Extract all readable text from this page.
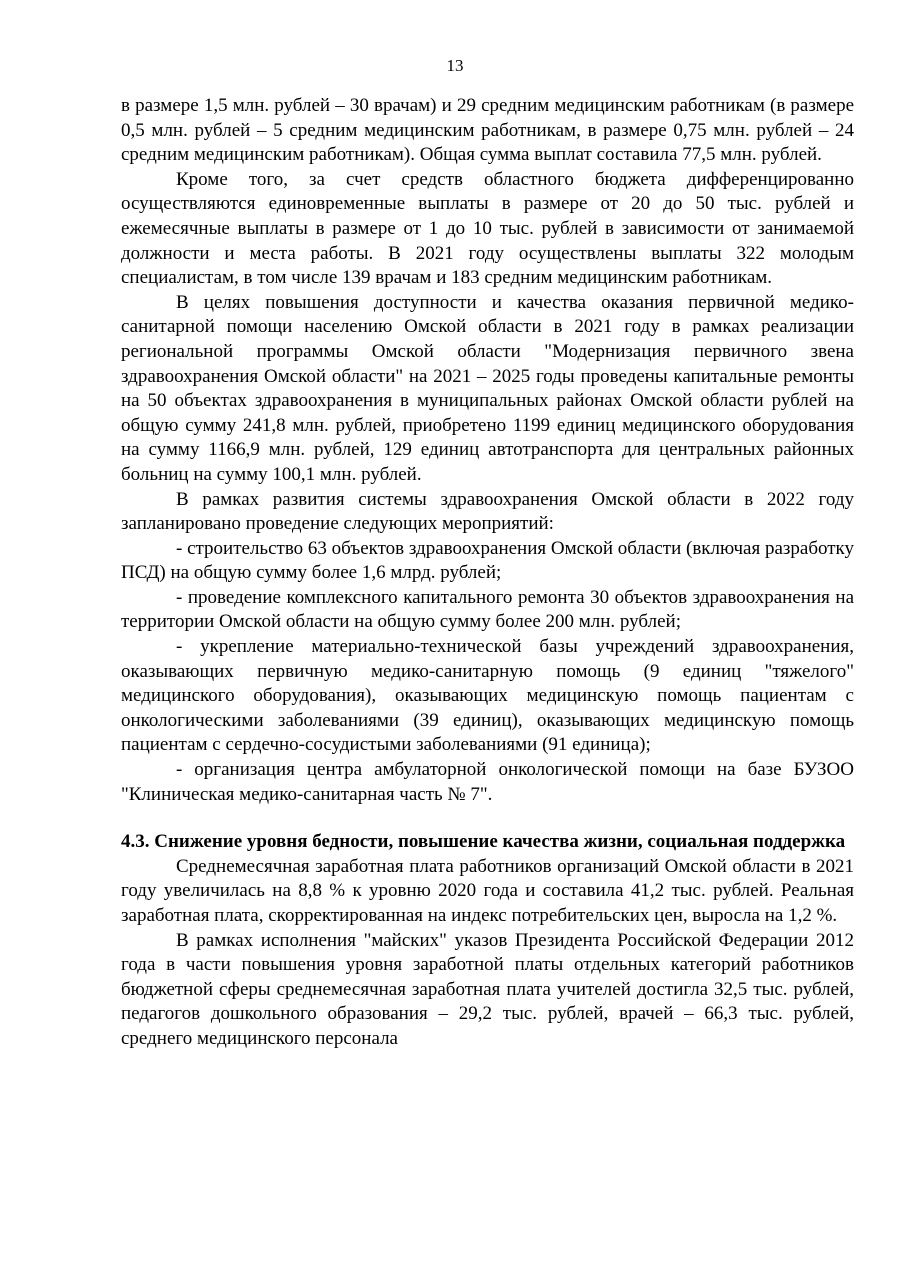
13

в размере 1,5 млн. рублей – 30 врачам) и 29 средним медицинским работникам (в размере 0,5 млн. рублей – 5 средним медицинским работникам, в размере 0,75 млн. рублей – 24 средним медицинским работникам). Общая сумма выплат составила 77,5 млн. рублей.

Кроме того, за счет средств областного бюджета дифференцированно осуществляются единовременные выплаты в размере от 20 до 50 тыс. рублей и ежемесячные выплаты в размере от 1 до 10 тыс. рублей в зависимости от занимаемой должности и места работы. В 2021 году осуществлены выплаты 322 молодым специалистам, в том числе 139 врачам и 183 средним медицинским работникам.

В целях повышения доступности и качества оказания первичной медико-санитарной помощи населению Омской области в 2021 году в рамках реализации региональной программы Омской области "Модернизация первичного звена здравоохранения Омской области" на 2021 – 2025 годы проведены капитальные ремонты на 50 объектах здравоохранения в муниципальных районах Омской области рублей на общую сумму 241,8 млн. рублей, приобретено 1199 единиц медицинского оборудования на сумму 1166,9 млн. рублей, 129 единиц автотранспорта для центральных районных больниц на сумму 100,1 млн. рублей.

В рамках развития системы здравоохранения Омской области в 2022 году запланировано проведение следующих мероприятий:

- строительство 63 объектов здравоохранения Омской области (включая разработку ПСД) на общую сумму более 1,6 млрд. рублей;

- проведение комплексного капитального ремонта 30 объектов здравоохранения на территории Омской области на общую сумму более 200 млн. рублей;

- укрепление материально-технической базы учреждений здравоохранения, оказывающих первичную медико-санитарную помощь (9 единиц "тяжелого" медицинского оборудования), оказывающих медицинскую помощь пациентам с онкологическими заболеваниями (39 единиц), оказывающих медицинскую помощь пациентам с сердечно-сосудистыми заболеваниями (91 единица);

- организация центра амбулаторной онкологической помощи на базе БУЗОО "Клиническая медико-санитарная часть № 7".

4.3. Снижение уровня бедности, повышение качества жизни, социальная поддержка

Среднемесячная заработная плата работников организаций Омской области в 2021 году увеличилась на 8,8 % к уровню 2020 года и составила 41,2 тыс. рублей. Реальная заработная плата, скорректированная на индекс потребительских цен, выросла на 1,2 %.

В рамках исполнения "майских" указов Президента Российской Федерации 2012 года в части повышения уровня заработной платы отдельных категорий работников бюджетной сферы среднемесячная заработная плата учителей достигла 32,5 тыс. рублей, педагогов дошкольного образования – 29,2 тыс. рублей, врачей – 66,3 тыс. рублей, среднего медицинского персонала
